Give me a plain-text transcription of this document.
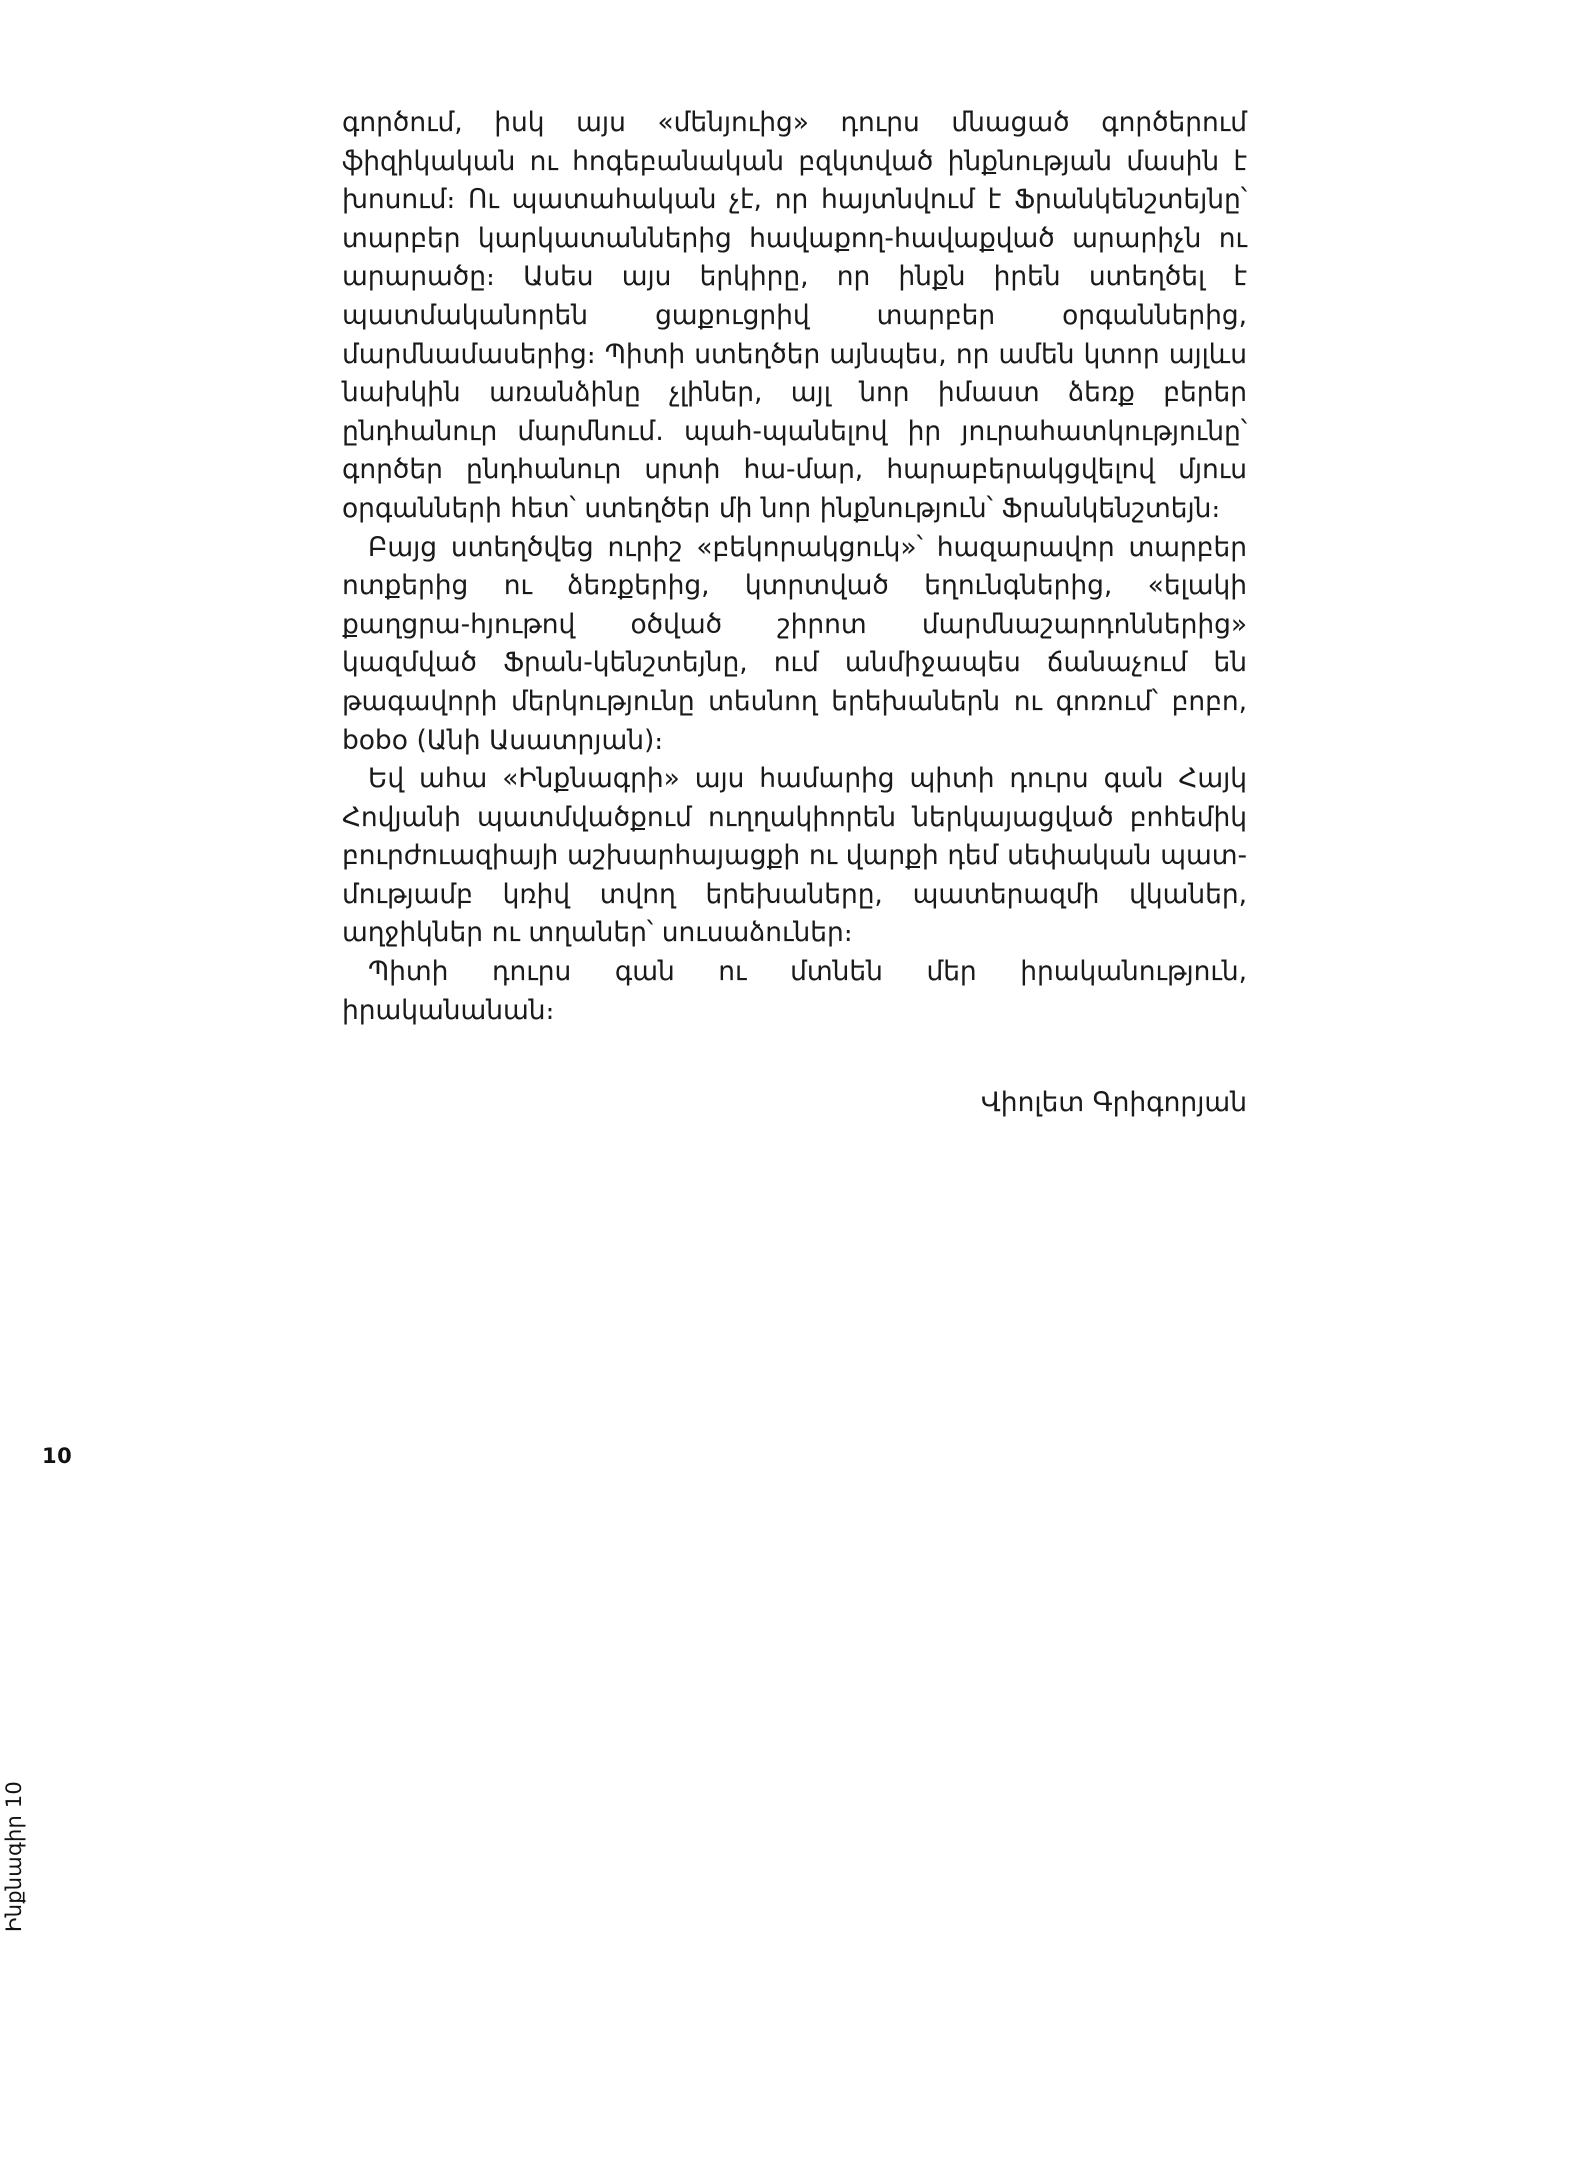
Ինքնագիր 10
10

գործում, իսկ այս «մենյուից» դուրս մնացած գործերում ֆիզիկական ու հոգեբանական բզկտված ինքնության մասին է խոսում։ Ու պատահական չէ, որ հայտնվում է Ֆրանկենշտեյնը՝ տարբեր կարկատաններից հավաքող-հավաքված արարիչն ու արարածը։ Ասես այս երկիրը, որ ինքն իրեն ստեղծել է պատմականորեն ցաքուցրիվ տարբեր օրգաններից, մարմնամասերից։ Պիտի ստեղծեր այնպես, որ ամեն կտոր այլևս նախկին առանձինը չլիներ, այլ նոր իմաստ ձեռք բերեր ընդհանուր մարմնում․ պահ-պանելով իր յուրահատկությունը՝ գործեր ընդհանուր սրտի հա-մար, հարաբերակցվելով մյուս օրգանների հետ՝ ստեղծեր մի նոր ինքնություն՝ Ֆրանկենշտեյն։

Բայց ստեղծվեց ուրիշ «բեկորակցուկ»՝ հազարավոր տարբեր ոտքերից ու ձեռքերից, կտրտված եղունգներից, «ելակի քաղցրա-հյութով օծված շիրոտ մարմնաշարդոններից» կազմված Ֆրան-կենշտեյնը, ում անմիջապես ճանաչում են թագավորի մերկությունը տեսնող երեխաներն ու գոռում՝ բոբո, bobo (Անի Ասատրյան)։

Եվ ահա «Ինքնագրի» այս համարից պիտի դուրս գան Հայկ Հովյանի պատմվածքում ուղղակիորեն ներկայացված բոհեմիկ բուրժուազիայի աշխարհայացքի ու վարքի դեմ սեփական պատ-մությամբ կռիվ տվող երեխաները, պատերազմի վկաներ, աղջիկներ ու տղաներ՝ սուսաձուներ։

Պիտի դուրս գան ու մտնեն մեր իրականություն, իրականանան։

Վիոլետ Գրիգորյան
